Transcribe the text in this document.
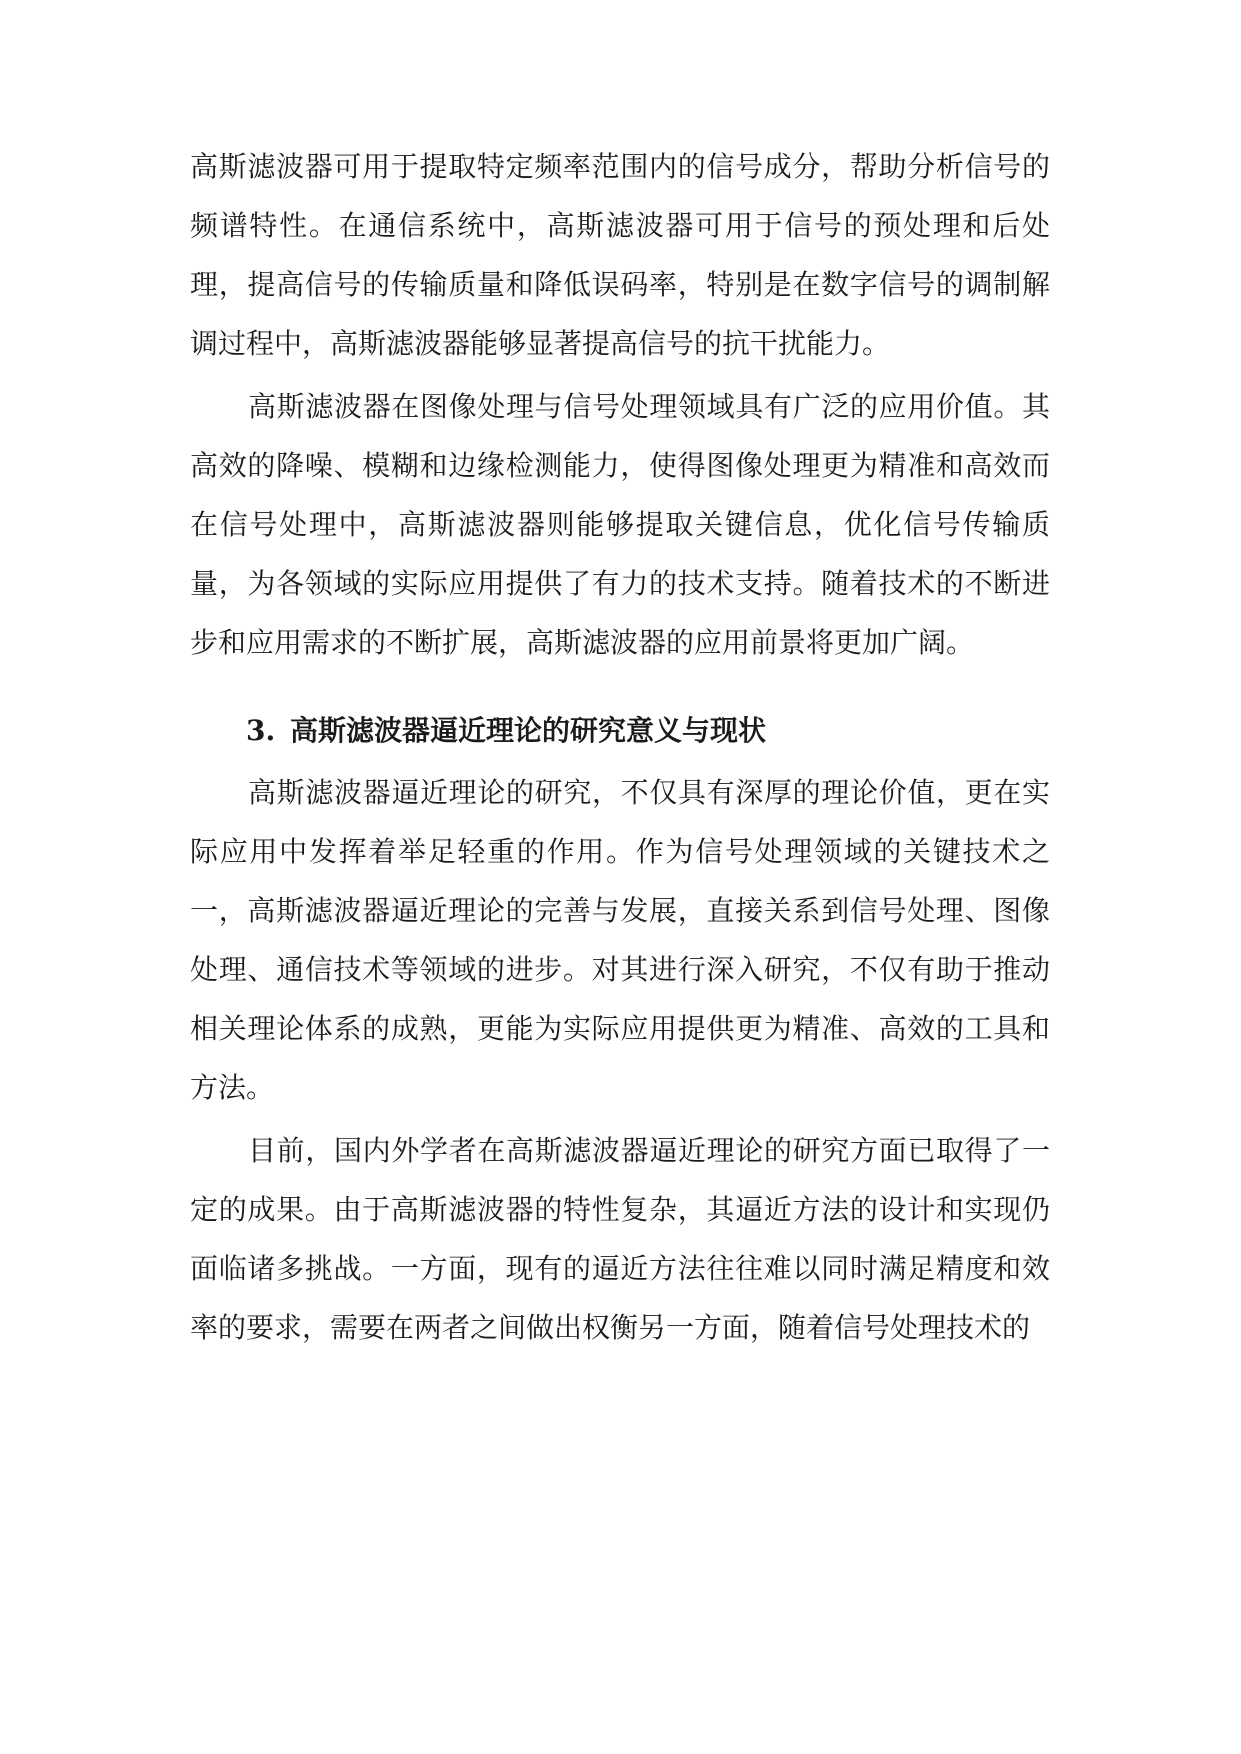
高斯滤波器可用于提取特定频率范围内的信号成分，帮助分析信号的频谱特性。在通信系统中，高斯滤波器可用于信号的预处理和后处理，提高信号的传输质量和降低误码率，特别是在数字信号的调制解调过程中，高斯滤波器能够显著提高信号的抗干扰能力。

高斯滤波器在图像处理与信号处理领域具有广泛的应用价值。其高效的降噪、模糊和边缘检测能力，使得图像处理更为精准和高效而在信号处理中，高斯滤波器则能够提取关键信息，优化信号传输质量，为各领域的实际应用提供了有力的技术支持。随着技术的不断进步和应用需求的不断扩展，高斯滤波器的应用前景将更加广阔。

3. 高斯滤波器逼近理论的研究意义与现状

高斯滤波器逼近理论的研究，不仅具有深厚的理论价值，更在实际应用中发挥着举足轻重的作用。作为信号处理领域的关键技术之一，高斯滤波器逼近理论的完善与发展，直接关系到信号处理、图像处理、通信技术等领域的进步。对其进行深入研究，不仅有助于推动相关理论体系的成熟，更能为实际应用提供更为精准、高效的工具和方法。

目前，国内外学者在高斯滤波器逼近理论的研究方面已取得了一定的成果。由于高斯滤波器的特性复杂，其逼近方法的设计和实现仍面临诸多挑战。一方面，现有的逼近方法往往难以同时满足精度和效率的要求，需要在两者之间做出权衡另一方面，随着信号处理技术的
